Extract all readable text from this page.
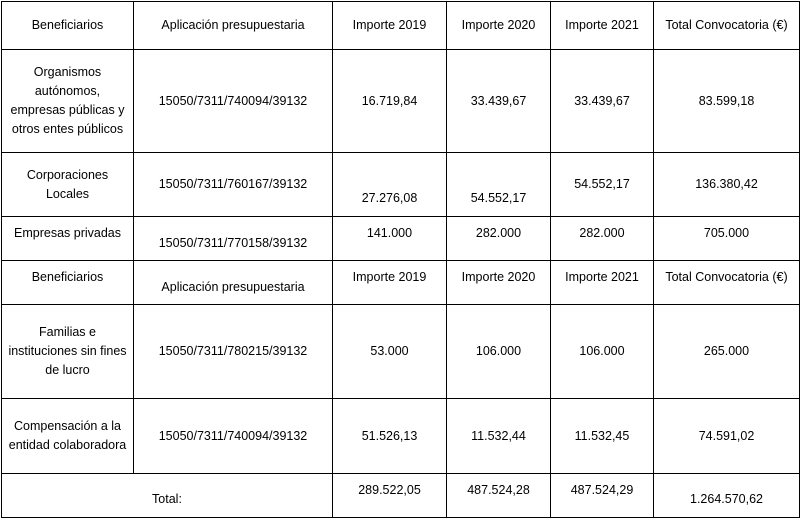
Beneficiarios	Aplicación presupuestaria	Importe 2019	Importe 2020	Importe 2021	Total Convocatoria (€)
Organismos autónomos, empresas públicas y otros entes públicos	15050/7311/740094/39132	16.719,84	33.439,67	33.439,67	83.599,18
Corporaciones Locales	15050/7311/760167/39132	27.276,08	54.552,17	54.552,17	136.380,42
Empresas privadas	15050/7311/770158/39132	141.000	282.000	282.000	705.000
Beneficiarios	Aplicación presupuestaria	Importe 2019	Importe 2020	Importe 2021	Total Convocatoria (€)
Familias e instituciones sin fines de lucro	15050/7311/780215/39132	53.000	106.000	106.000	265.000
Compensación a la entidad colaboradora	15050/7311/740094/39132	51.526,13	11.532,44	11.532,45	74.591,02
Total:		289.522,05	487.524,28	487.524,29	1.264.570,62
